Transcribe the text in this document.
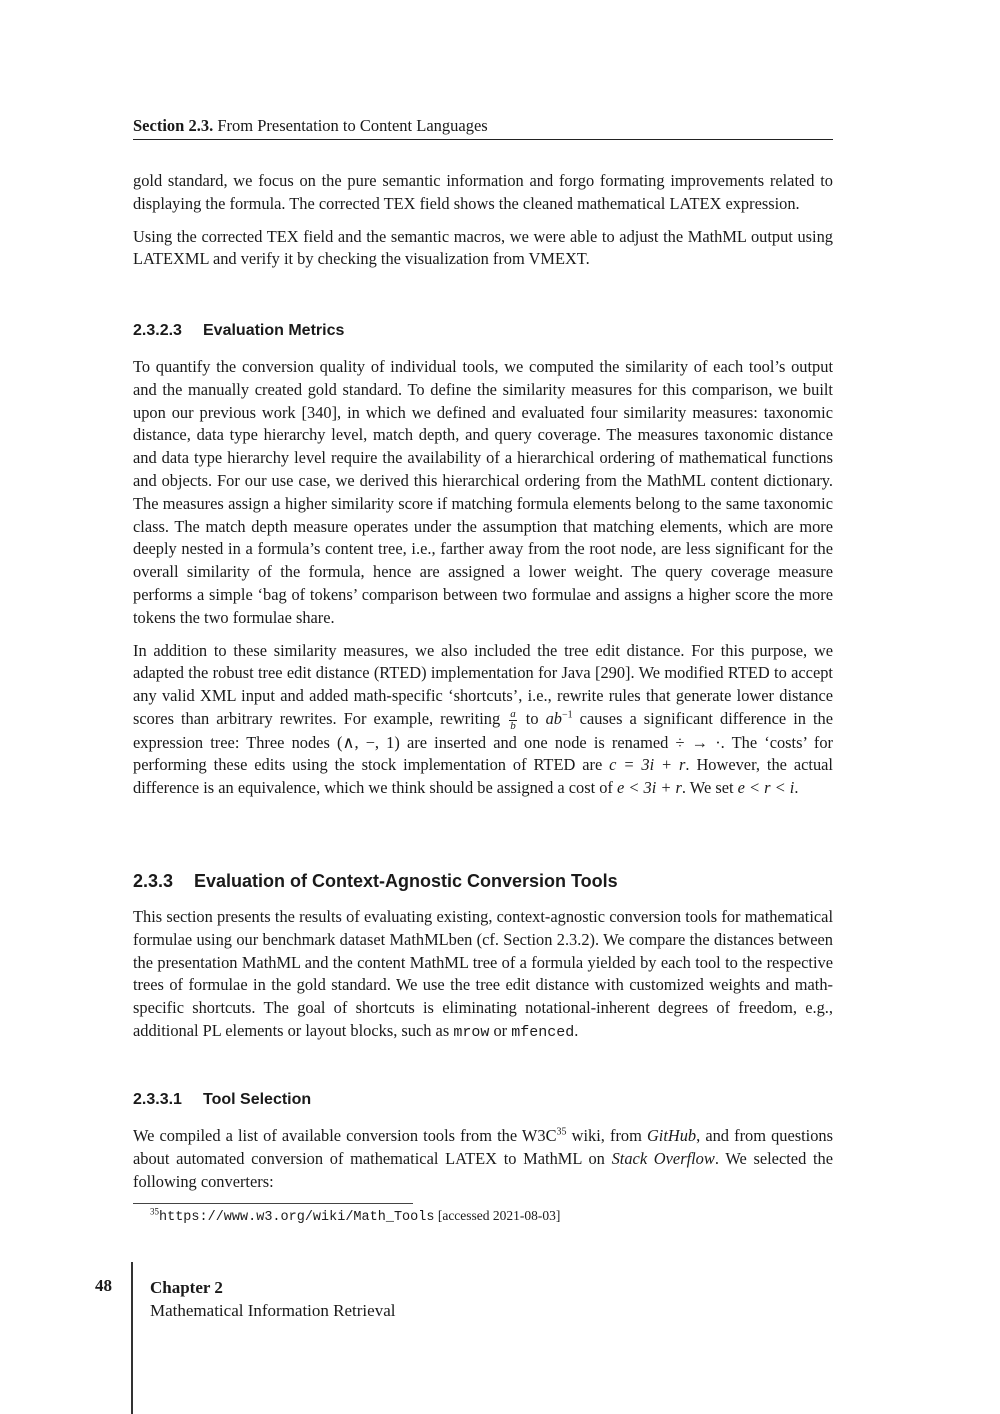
Section 2.3. From Presentation to Content Languages

gold standard, we focus on the pure semantic information and forgo formating improvements related to displaying the formula. The corrected TEX field shows the cleaned mathematical LATEX expression.

Using the corrected TEX field and the semantic macros, we were able to adjust the MathML output using LATEXML and verify it by checking the visualization from VMEXT.

2.3.2.3 Evaluation Metrics

To quantify the conversion quality of individual tools, we computed the similarity of each tool’s output and the manually created gold standard. To define the similarity measures for this comparison, we built upon our previous work [340], in which we defined and evaluated four similarity measures: taxonomic distance, data type hierarchy level, match depth, and query coverage. The measures taxonomic distance and data type hierarchy level require the availability of a hierarchical ordering of mathematical functions and objects. For our use case, we derived this hierarchical ordering from the MathML content dictionary. The measures assign a higher similarity score if matching formula elements belong to the same taxonomic class. The match depth measure operates under the assumption that matching elements, which are more deeply nested in a formula’s content tree, i.e., farther away from the root node, are less significant for the overall similarity of the formula, hence are assigned a lower weight. The query coverage measure performs a simple ‘bag of tokens’ comparison between two formulae and assigns a higher score the more tokens the two formulae share.

In addition to these similarity measures, we also included the tree edit distance. For this purpose, we adapted the robust tree edit distance (RTED) implementation for Java [290]. We modified RTED to accept any valid XML input and added math-specific ‘shortcuts’, i.e., rewrite rules that generate lower distance scores than arbitrary rewrites. For example, rewriting $\frac{a}{b}$ to $ab^{-1}$ causes a significant difference in the expression tree: Three nodes (∧, −, 1) are inserted and one node is renamed ÷ → ·. The ‘costs’ for performing these edits using the stock implementation of RTED are c = 3i + r. However, the actual difference is an equivalence, which we think should be assigned a cost of e < 3i + r. We set e < r < i.

2.3.3 Evaluation of Context-Agnostic Conversion Tools

This section presents the results of evaluating existing, context-agnostic conversion tools for mathematical formulae using our benchmark dataset MathMLben (cf. Section 2.3.2). We compare the distances between the presentation MathML and the content MathML tree of a formula yielded by each tool to the respective trees of formulae in the gold standard. We use the tree edit distance with customized weights and math-specific shortcuts. The goal of shortcuts is eliminating notational-inherent degrees of freedom, e.g., additional PL elements or layout blocks, such as mrow or mfenced.

2.3.3.1 Tool Selection

We compiled a list of available conversion tools from the $W3C^{35}$ wiki, from GitHub, and from questions about automated conversion of mathematical LATEX to MathML on Stack Overflow. We selected the following converters:

$^{35}$https://www.w3.org/wiki/Math_Tools [accessed 2021-08-03]
48 Chapter 2
Mathematical Information Retrieval
